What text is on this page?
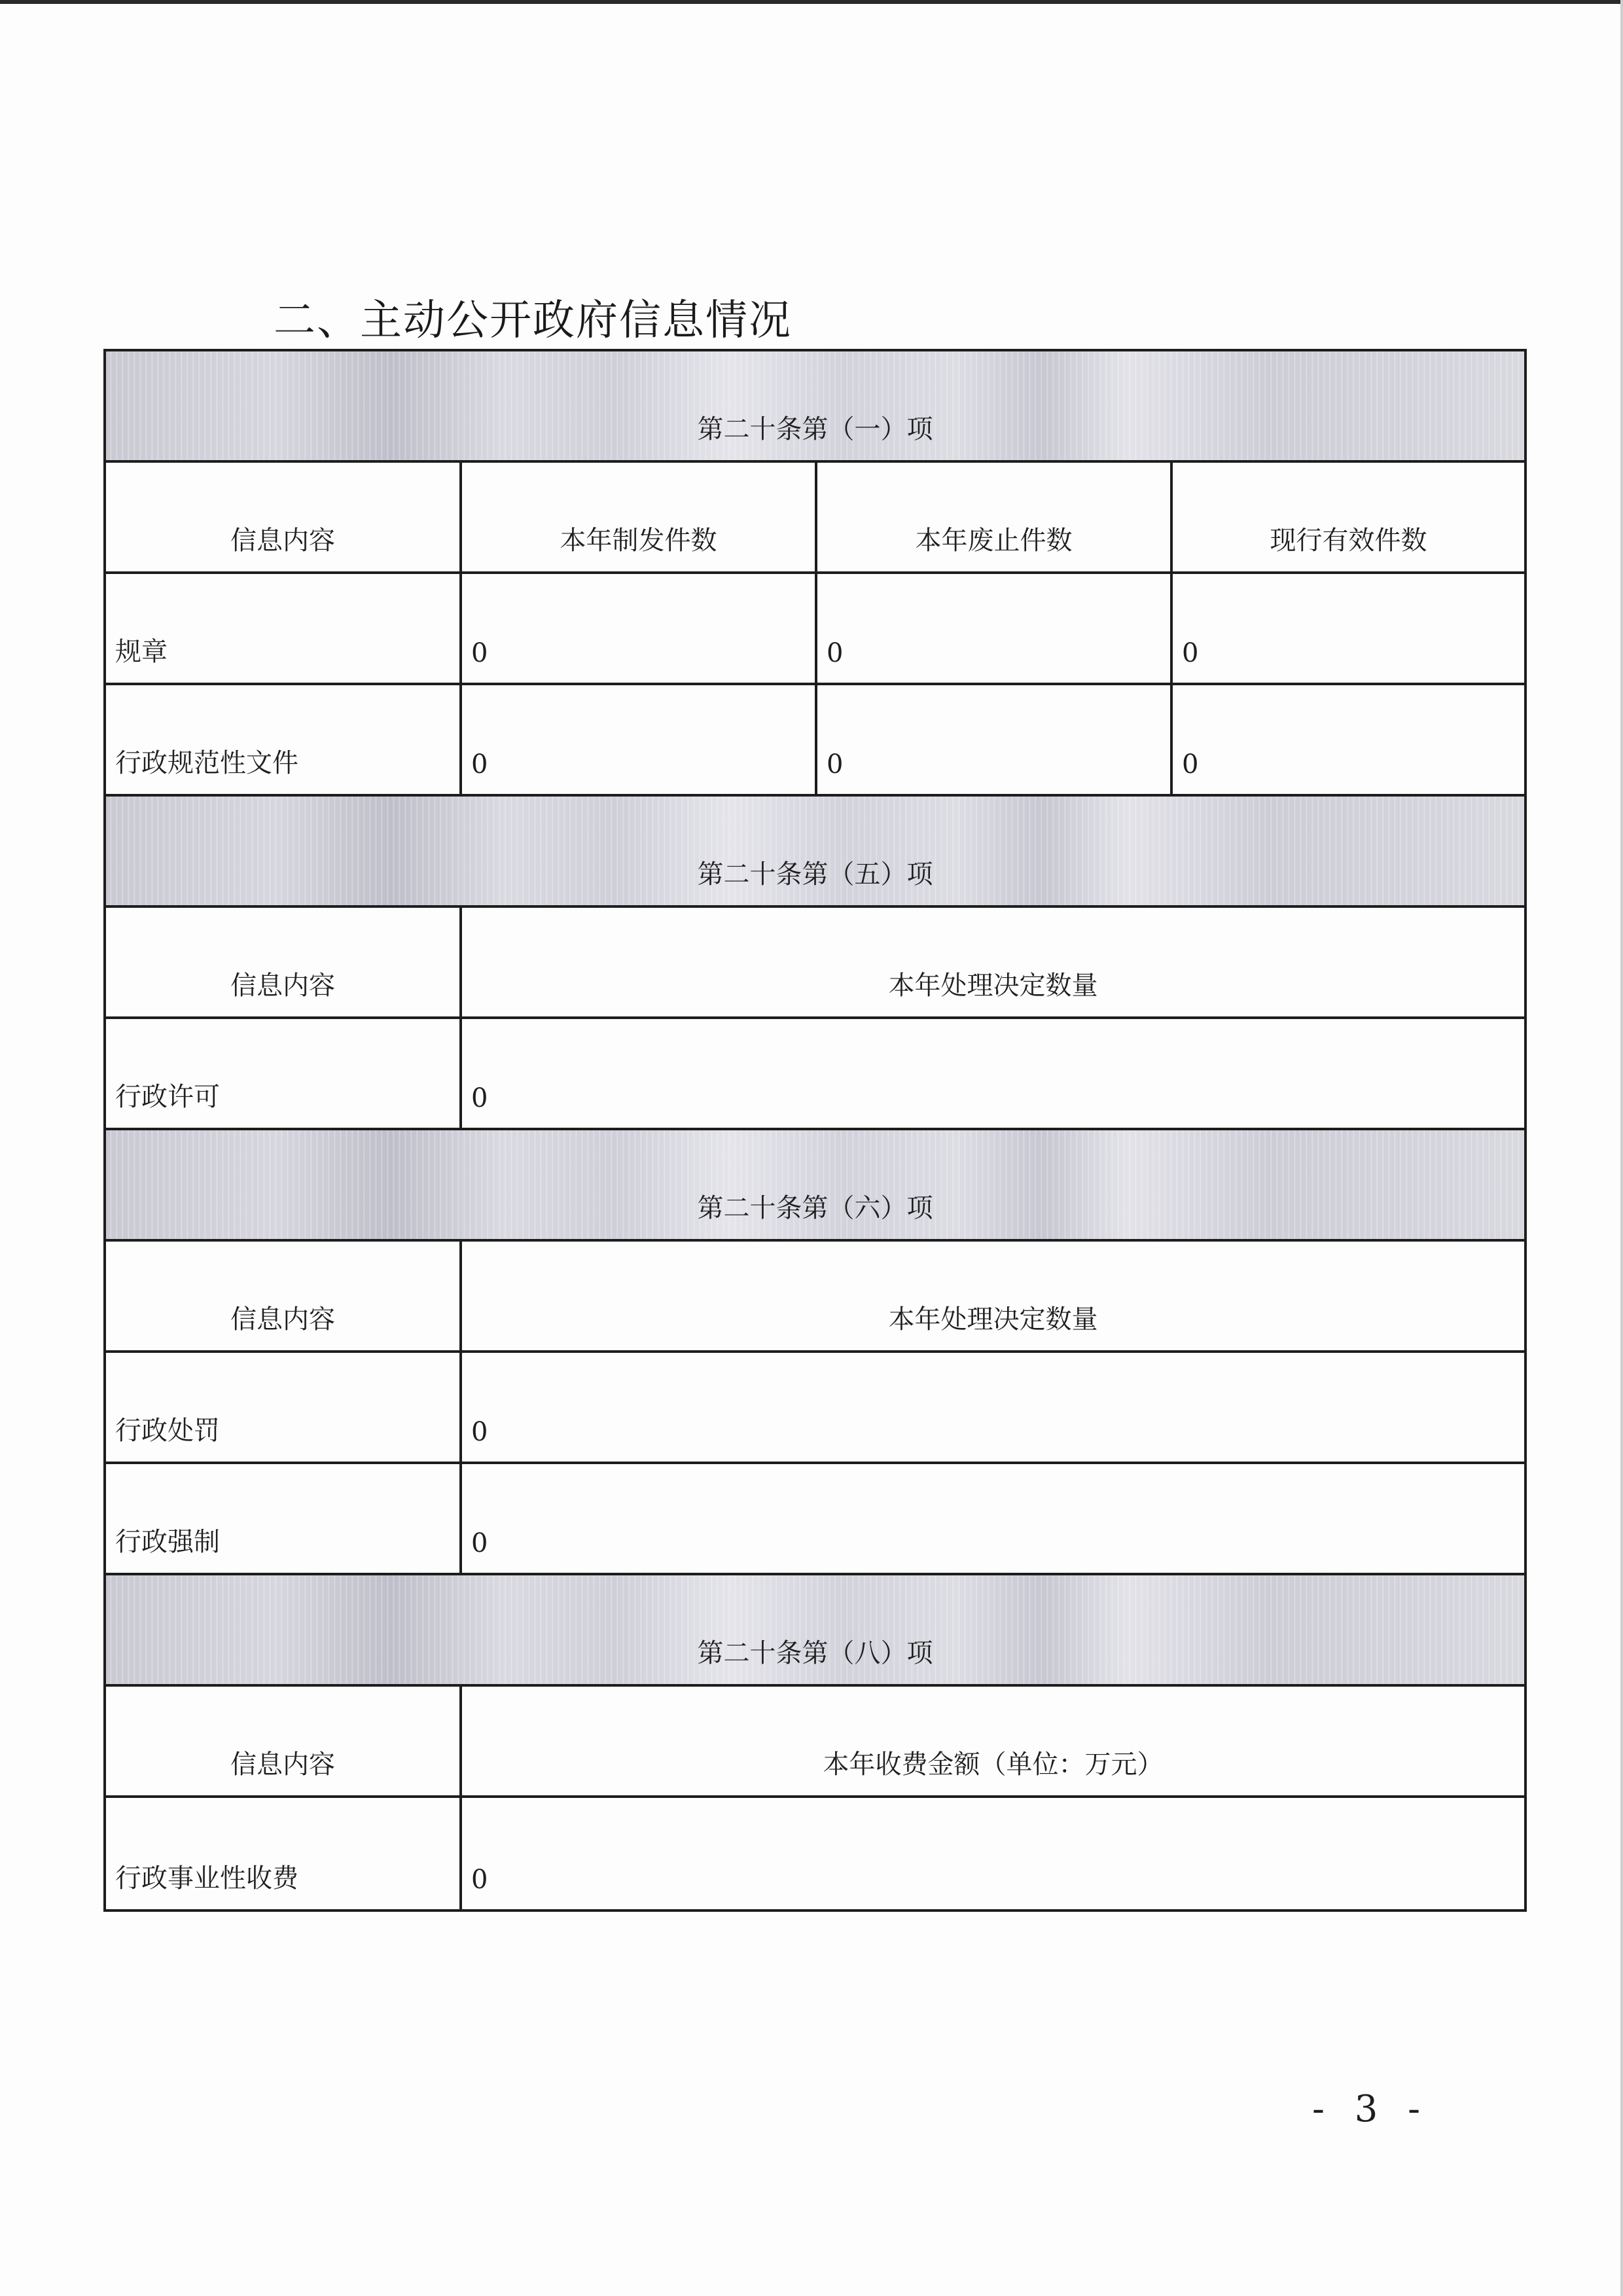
二、主动公开政府信息情况
第二十条第（一）项
信息内容	本年制发件数	本年废止件数	现行有效件数
规章	0	0	0
行政规范性文件	0	0	0
第二十条第（五）项
信息内容	本年处理决定数量
行政许可	0
第二十条第（六）项
信息内容	本年处理决定数量
行政处罚	0
行政强制	0
第二十条第（八）项
信息内容	本年收费金额（单位：万元）
行政事业性收费	0
- 3 -
